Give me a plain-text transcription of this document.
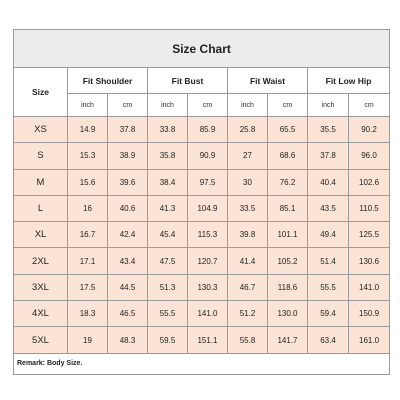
Size Chart								
Size	Fit Shoulder		Fit Bust		Fit Waist		Fit Low Hip	
	inch	cm	inch	cm	inch	cm	inch	cm
XS	14.9	37.8	33.8	85.9	25.8	65.5	35.5	90.2
S	15.3	38.9	35.8	90.9	27	68.6	37.8	96.0
M	15.6	39.6	38.4	97.5	30	76.2	40.4	102.6
L	16	40.6	41.3	104.9	33.5	85.1	43.5	110.5
XL	16.7	42.4	45.4	115.3	39.8	101.1	49.4	125.5
2XL	17.1	43.4	47.5	120.7	41.4	105.2	51.4	130.6
3XL	17.5	44.5	51.3	130.3	46.7	118.6	55.5	141.0
4XL	18.3	46.5	55.5	141.0	51.2	130.0	59.4	150.9
5XL	19	48.3	59.5	151.1	55.8	141.7	63.4	161.0
Remark: Body Size.								
